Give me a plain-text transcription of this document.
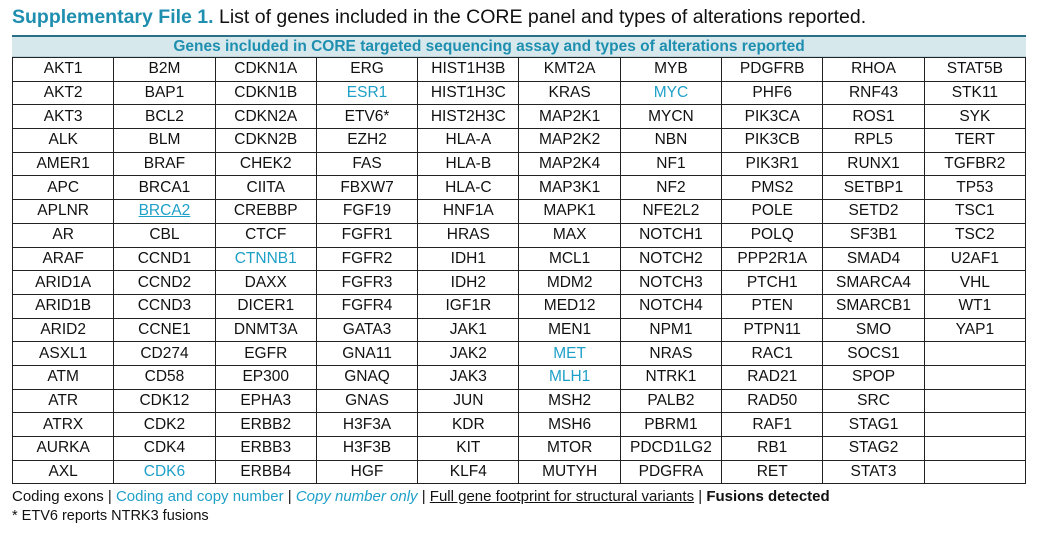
Supplementary File 1. List of genes included in the CORE panel and types of alterations reported.
Genes included in CORE targeted sequencing assay and types of alterations reported
AKT1	B2M	CDKN1A	ERG	HIST1H3B	KMT2A	MYB	PDGFRB	RHOA	STAT5B
AKT2	BAP1	CDKN1B	ESR1	HIST1H3C	KRAS	MYC	PHF6	RNF43	STK11
AKT3	BCL2	CDKN2A	ETV6*	HIST2H3C	MAP2K1	MYCN	PIK3CA	ROS1	SYK
ALK	BLM	CDKN2B	EZH2	HLA-A	MAP2K2	NBN	PIK3CB	RPL5	TERT
AMER1	BRAF	CHEK2	FAS	HLA-B	MAP2K4	NF1	PIK3R1	RUNX1	TGFBR2
APC	BRCA1	CIITA	FBXW7	HLA-C	MAP3K1	NF2	PMS2	SETBP1	TP53
APLNR	BRCA2	CREBBP	FGF19	HNF1A	MAPK1	NFE2L2	POLE	SETD2	TSC1
AR	CBL	CTCF	FGFR1	HRAS	MAX	NOTCH1	POLQ	SF3B1	TSC2
ARAF	CCND1	CTNNB1	FGFR2	IDH1	MCL1	NOTCH2	PPP2R1A	SMAD4	U2AF1
ARID1A	CCND2	DAXX	FGFR3	IDH2	MDM2	NOTCH3	PTCH1	SMARCA4	VHL
ARID1B	CCND3	DICER1	FGFR4	IGF1R	MED12	NOTCH4	PTEN	SMARCB1	WT1
ARID2	CCNE1	DNMT3A	GATA3	JAK1	MEN1	NPM1	PTPN11	SMO	YAP1
ASXL1	CD274	EGFR	GNA11	JAK2	MET	NRAS	RAC1	SOCS1	
ATM	CD58	EP300	GNAQ	JAK3	MLH1	NTRK1	RAD21	SPOP	
ATR	CDK12	EPHA3	GNAS	JUN	MSH2	PALB2	RAD50	SRC	
ATRX	CDK2	ERBB2	H3F3A	KDR	MSH6	PBRM1	RAF1	STAG1	
AURKA	CDK4	ERBB3	H3F3B	KIT	MTOR	PDCD1LG2	RB1	STAG2	
AXL	CDK6	ERBB4	HGF	KLF4	MUTYH	PDGFRA	RET	STAT3	
Coding exons | Coding and copy number | Copy number only | Full gene footprint for structural variants | Fusions detected
* ETV6 reports NTRK3 fusions
